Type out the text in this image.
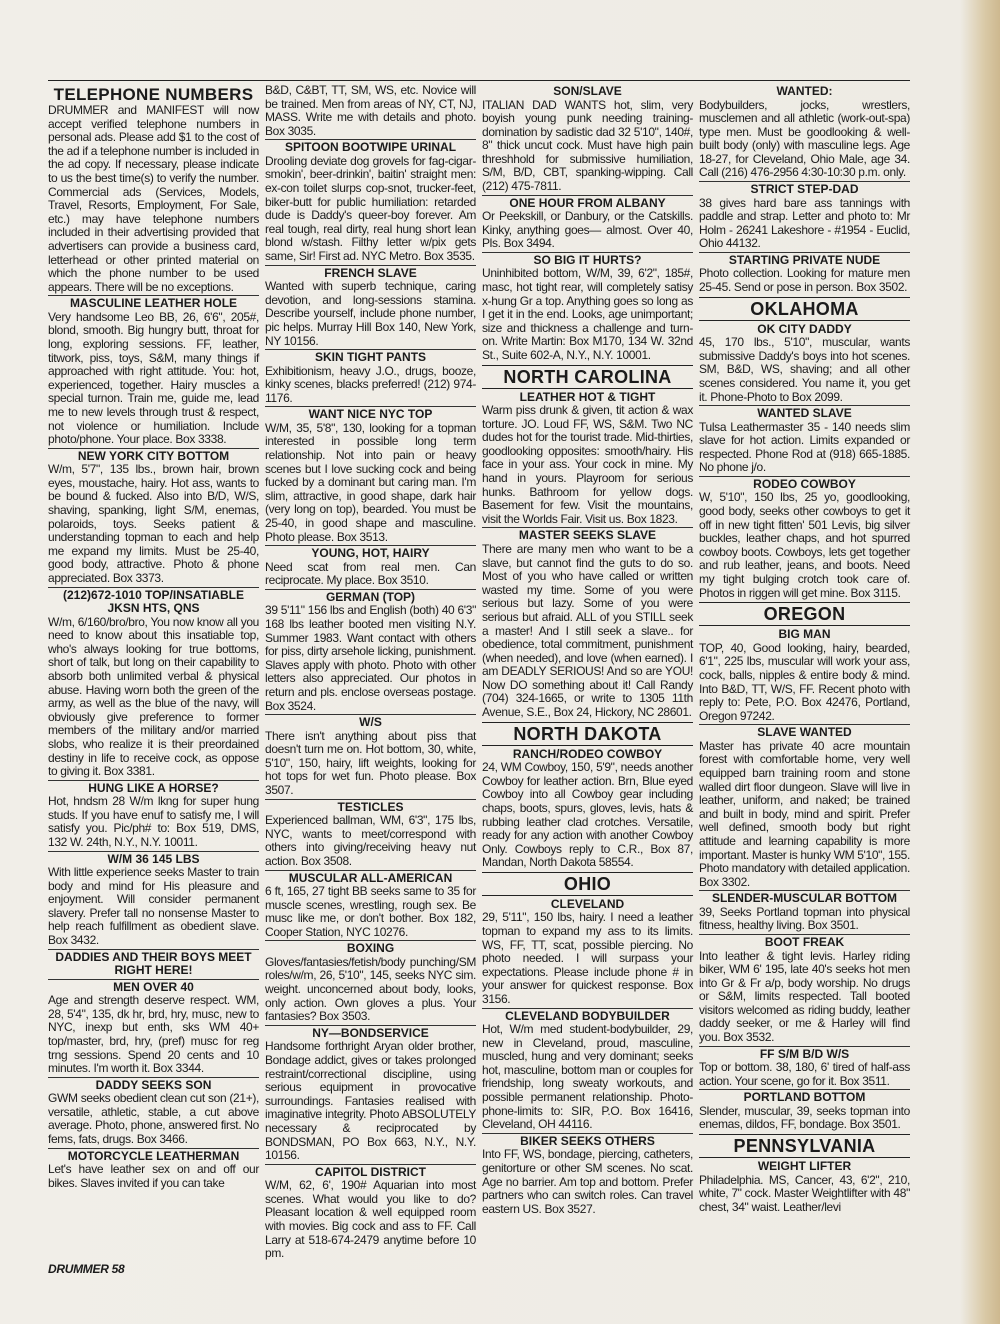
TELEPHONE NUMBERS
DRUMMER and MANIFEST will now accept verified telephone numbers in personal ads. Please add $1 to the cost of the ad if a telephone number is included in the ad copy. If necessary, please indicate to us the best time(s) to verify the number. Commercial ads (Services, Models, Travel, Resorts, Employment, For Sale, etc.) may have telephone numbers included in their advertising provided that advertisers can provide a business card, letterhead or other printed material on which the phone number to be used appears. There will be no exceptions.
MASCULINE LEATHER HOLE
Very handsome Leo BB, 26, 6'6", 205#, blond, smooth. Big hungry butt, throat for long, exploring sessions. FF, leather, titwork, piss, toys, S&M, many things if approached with right attitude. You: hot, experienced, together. Hairy muscles a special turnon. Train me, guide me, lead me to new levels through trust & respect, not violence or humiliation. Include photo/phone. Your place. Box 3338.
NEW YORK CITY BOTTOM
W/m, 5'7", 135 lbs., brown hair, brown eyes, moustache, hairy. Hot ass, wants to be bound & fucked. Also into B/D, W/S, shaving, spanking, light S/M, enemas, polaroids, toys. Seeks patient & understanding topman to each and help me expand my limits. Must be 25-40, good body, attractive. Photo & phone appreciated. Box 3373.
(212)672-1010 TOP/INSATIABLE JKSN HTS, QNS
W/m, 6/160/bro/bro, You now know all you need to know about this insatiable top, who's always looking for true bottoms, short of talk, but long on their capability to absorb both unlimited verbal & physical abuse. Having worn both the green of the army, as well as the blue of the navy, will obviously give preference to former members of the military and/or married slobs, who realize it is their preordained destiny in life to receive cock, as oppose to giving it. Box 3381.
HUNG LIKE A HORSE?
Hot, hndsm 28 W/m lkng for super hung studs. If you have enuf to satisfy me, I will satisfy you. Pic/ph# to: Box 519, DMS, 132 W. 24th, N.Y., N.Y. 10011.
W/M 36 145 LBS
With little experience seeks Master to train body and mind for His pleasure and enjoyment. Will consider permanent slavery. Prefer tall no nonsense Master to help reach fulfillment as obedient slave. Box 3432.
DADDIES AND THEIR BOYS MEET RIGHT HERE!
MEN OVER 40
Age and strength deserve respect. WM, 28, 5'4", 135, dk hr, brd, hry, musc, new to NYC, inexp but enth, sks WM 40+ top/master, brd, hry, (pref) musc for reg trng sessions. Spend 20 cents and 10 minutes. I'm worth it. Box 3344.
DADDY SEEKS SON
GWM seeks obedient clean cut son (21+), versatile, athletic, stable, a cut above average. Photo, phone, answered first. No fems, fats, drugs. Box 3466.
MOTORCYCLE LEATHERMAN
Let's have leather sex on and off our bikes. Slaves invited if you can take
B&D, C&BT, TT, SM, WS, etc. Novice will be trained. Men from areas of NY, CT, NJ, MASS. Write me with details and photo. Box 3035.
SPITOON BOOTWIPE URINAL
Drooling deviate dog grovels for fag-cigar-smokin', beer-drinkin', baitin' straight men: ex-con toilet slurps cop-snot, trucker-feet, biker-butt for public humiliation: retarded dude is Daddy's queer-boy forever. Am real tough, real dirty, real hung short lean blond w/stash. Filthy letter w/pix gets same, Sir! First ad. NYC Metro. Box 3535.
FRENCH SLAVE
Wanted with superb technique, caring devotion, and long-sessions stamina. Describe yourself, include phone number, pic helps. Murray Hill Box 140, New York, NY 10156.
SKIN TIGHT PANTS
Exhibitionism, heavy J.O., drugs, booze, kinky scenes, blacks preferred! (212) 974-1176.
WANT NICE NYC TOP
W/M, 35, 5'8", 130, looking for a topman interested in possible long term relationship. Not into pain or heavy scenes but I love sucking cock and being fucked by a dominant but caring man. I'm slim, attractive, in good shape, dark hair (very long on top), bearded. You must be 25-40, in good shape and masculine. Photo please. Box 3513.
YOUNG, HOT, HAIRY
Need scat from real men. Can reciprocate. My place. Box 3510.
GERMAN (TOP)
39 5'11" 156 lbs and English (both) 40 6'3" 168 lbs leather booted men visiting N.Y. Summer 1983. Want contact with others for piss, dirty arsehole licking, punishment. Slaves apply with photo. Photo with other letters also appreciated. Our photos in return and pls. enclose overseas postage. Box 3524.
W/S
There isn't anything about piss that doesn't turn me on. Hot bottom, 30, white, 5'10", 150, hairy, lift weights, looking for hot tops for wet fun. Photo please. Box 3507.
TESTICLES
Experienced ballman, WM, 6'3", 175 lbs, NYC, wants to meet/correspond with others into giving/receiving heavy nut action. Box 3508.
MUSCULAR ALL-AMERICAN
6 ft, 165, 27 tight BB seeks same to 35 for muscle scenes, wrestling, rough sex. Be musc like me, or don't bother. Box 182, Cooper Station, NYC 10276.
BOXING
Gloves/fantasies/fetish/body punching/SM roles/w/m, 26, 5'10", 145, seeks NYC sim. weight. unconcerned about body, looks, only action. Own gloves a plus. Your fantasies? Box 3503.
NY—BONDSERVICE
Handsome forthright Aryan older brother, Bondage addict, gives or takes prolonged restraint/correctional discipline, using serious equipment in provocative surroundings. Fantasies realised with imaginative integrity. Photo ABSOLUTELY necessary & reciprocated by BONDSMAN, PO Box 663, N.Y., N.Y. 10156.
CAPITOL DISTRICT
W/M, 62, 6', 190# Aquarian into most scenes. What would you like to do? Pleasant location & well equipped room with movies. Big cock and ass to FF. Call Larry at 518-674-2479 anytime before 10 pm.
SON/SLAVE
ITALIAN DAD WANTS hot, slim, very boyish young punk needing training-domination by sadistic dad 32 5'10", 140#, 8" thick uncut cock. Must have high pain threshhold for submissive humiliation, S/M, B/D, CBT, spanking-wipping. Call (212) 475-7811.
ONE HOUR FROM ALBANY
Or Peekskill, or Danbury, or the Catskills. Kinky, anything goes— almost. Over 40, Pls. Box 3494.
SO BIG IT HURTS?
Uninhibited bottom, W/M, 39, 6'2", 185#, masc, hot tight rear, will completely satisy x-hung Gr a top. Anything goes so long as I get it in the end. Looks, age unimportant; size and thickness a challenge and turn-on. Write Martin: Box M170, 134 W. 32nd St., Suite 602-A, N.Y., N.Y. 10001.
NORTH CAROLINA
LEATHER HOT & TIGHT
Warm piss drunk & given, tit action & wax torture. JO. Loud FF, WS, S&M. Two NC dudes hot for the tourist trade. Mid-thirties, goodlooking opposites: smooth/hairy. His face in your ass. Your cock in mine. My hand in yours. Playroom for serious hunks. Bathroom for yellow dogs. Basement for few. Visit the mountains, visit the Worlds Fair. Visit us. Box 1823.
MASTER SEEKS SLAVE
There are many men who want to be a slave, but cannot find the guts to do so. Most of you who have called or written wasted my time. Some of you were serious but lazy. Some of you were serious but afraid. ALL of you STILL seek a master! And I still seek a slave.. for obedience, total commitment, punishment (when needed), and love (when earned). I am DEADLY SERIOUS! And so are YOU! Now DO something about it! Call Randy (704) 324-1665, or write to 1305 11th Avenue, S.E., Box 24, Hickory, NC 28601.
NORTH DAKOTA
RANCH/RODEO COWBOY
24, WM Cowboy, 150, 5'9", needs another Cowboy for leather action. Brn, Blue eyed Cowboy into all Cowboy gear including chaps, boots, spurs, gloves, levis, hats & rubbing leather clad crotches. Versatile, ready for any action with another Cowboy Only. Cowboys reply to C.R., Box 87, Mandan, North Dakota 58554.
OHIO
CLEVELAND
29, 5'11", 150 lbs, hairy. I need a leather topman to expand my ass to its limits. WS, FF, TT, scat, possible piercing. No photo needed. I will surpass your expectations. Please include phone # in your answer for quickest response. Box 3156.
CLEVELAND BODYBUILDER
Hot, W/m med student-bodybuilder, 29, new in Cleveland, proud, masculine, muscled, hung and very dominant; seeks hot, masculine, bottom man or couples for friendship, long sweaty workouts, and possible permanent relationship. Photo-phone-limits to: SIR, P.O. Box 16416, Cleveland, OH 44116.
BIKER SEEKS OTHERS
Into FF, WS, bondage, piercing, catheters, genitorture or other SM scenes. No scat. Age no barrier. Am top and bottom. Prefer partners who can switch roles. Can travel eastern US. Box 3527.
WANTED:
Bodybuilders, jocks, wrestlers, musclemen and all athletic (work-out-spa) type men. Must be goodlooking & well-built body (only) with masculine legs. Age 18-27, for Cleveland, Ohio Male, age 34. Call (216) 476-2956 4:30-10:30 p.m. only.
STRICT STEP-DAD
38 gives hard bare ass tannings with paddle and strap. Letter and photo to: Mr Holm - 26241 Lakeshore - #1954 - Euclid, Ohio 44132.
STARTING PRIVATE NUDE
Photo collection. Looking for mature men 25-45. Send or pose in person. Box 3502.
OKLAHOMA
OK CITY DADDY
45, 170 lbs., 5'10", muscular, wants submissive Daddy's boys into hot scenes. SM, B&D, WS, shaving; and all other scenes considered. You name it, you get it. Phone-Photo to Box 2099.
WANTED SLAVE
Tulsa Leathermaster 35 - 140 needs slim slave for hot action. Limits expanded or respected. Phone Rod at (918) 665-1885. No phone j/o.
RODEO COWBOY
W, 5'10", 150 lbs, 25 yo, goodlooking, good body, seeks other cowboys to get it off in new tight fitten' 501 Levis, big silver buckles, leather chaps, and hot spurred cowboy boots. Cowboys, lets get together and rub leather, jeans, and boots. Need my tight bulging crotch took care of. Photos in riggen will get mine. Box 3115.
OREGON
BIG MAN
TOP, 40, Good looking, hairy, bearded, 6'1", 225 lbs, muscular will work your ass, cock, balls, nipples & entire body & mind. Into B&D, TT, W/S, FF. Recent photo with reply to: Pete, P.O. Box 42476, Portland, Oregon 97242.
SLAVE WANTED
Master has private 40 acre mountain forest with comfortable home, very well equipped barn training room and stone walled dirt floor dungeon. Slave will live in leather, uniform, and naked; be trained and built in body, mind and spirit. Prefer well defined, smooth body but right attitude and learning capability is more important. Master is hunky WM 5'10", 155. Photo mandatory with detailed application. Box 3302.
SLENDER-MUSCULAR BOTTOM
39, Seeks Portland topman into physical fitness, healthy living. Box 3501.
BOOT FREAK
Into leather & tight levis. Harley riding biker, WM 6' 195, late 40's seeks hot men into Gr & Fr a/p, body worship. No drugs or S&M, limits respected. Tall booted visitors welcomed as riding buddy, leather daddy seeker, or me & Harley will find you. Box 3532.
FF S/M B/D W/S
Top or bottom. 38, 180, 6' tired of half-ass action. Your scene, go for it. Box 3511.
PORTLAND BOTTOM
Slender, muscular, 39, seeks topman into enemas, dildos, FF, bondage. Box 3501.
PENNSYLVANIA
WEIGHT LIFTER
Philadelphia. MS, Cancer, 43, 6'2", 210, white, 7" cock. Master Weightlifter with 48" chest, 34" waist. Leather/levi
DRUMMER 58
